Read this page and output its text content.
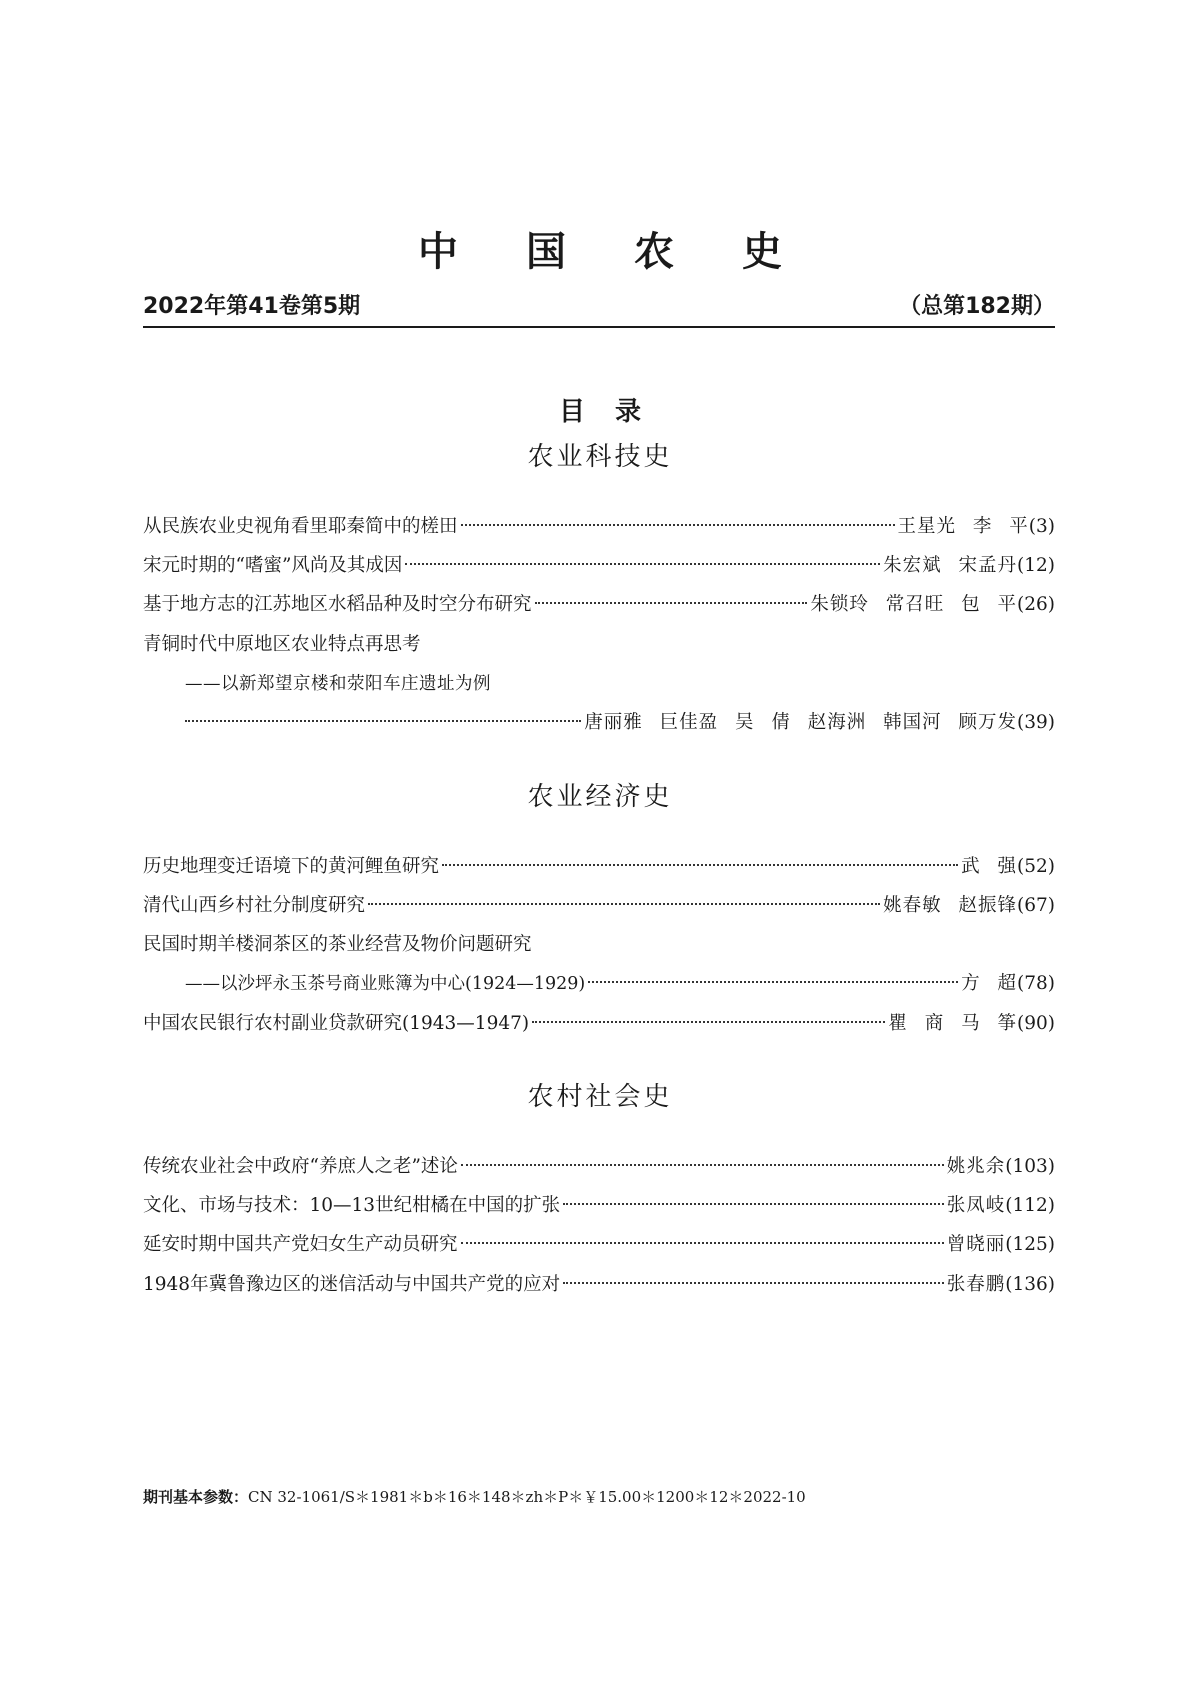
中国农史
2022年第41卷第5期	（总第182期）
目录
农业科技史
从民族农业史视角看里耶秦简中的槎田	王星光 李 平 (3)
宋元时期的“嗜蜜”风尚及其成因	朱宏斌 宋孟丹 (12)
基于地方志的江苏地区水稻品种及时空分布研究	朱锁玲 常召旺 包 平 (26)
青铜时代中原地区农业特点再思考
——以新郑望京楼和荥阳车庄遗址为例
唐丽雅 巨佳盈 吴 倩 赵海洲 韩国河 顾万发 (39)
农业经济史
历史地理变迁语境下的黄河鲤鱼研究	武 强 (52)
清代山西乡村社分制度研究	姚春敏 赵振锋 (67)
民国时期羊楼洞茶区的茶业经营及物价问题研究
——以沙坪永玉茶号商业账簿为中心(1924—1929)	方 超 (78)
中国农民银行农村副业贷款研究(1943—1947)	瞿 商 马 筝 (90)
农村社会史
传统农业社会中政府“养庶人之老”述论	姚兆余 (103)
文化、市场与技术：10—13世纪柑橘在中国的扩张	张凤岐 (112)
延安时期中国共产党妇女生产动员研究	曾晓丽 (125)
1948年冀鲁豫边区的迷信活动与中国共产党的应对	张春鹏 (136)
期刊基本参数：CN 32-1061/S＊1981＊b＊16＊148＊zh＊P＊￥15.00＊1200＊12＊2022-10
